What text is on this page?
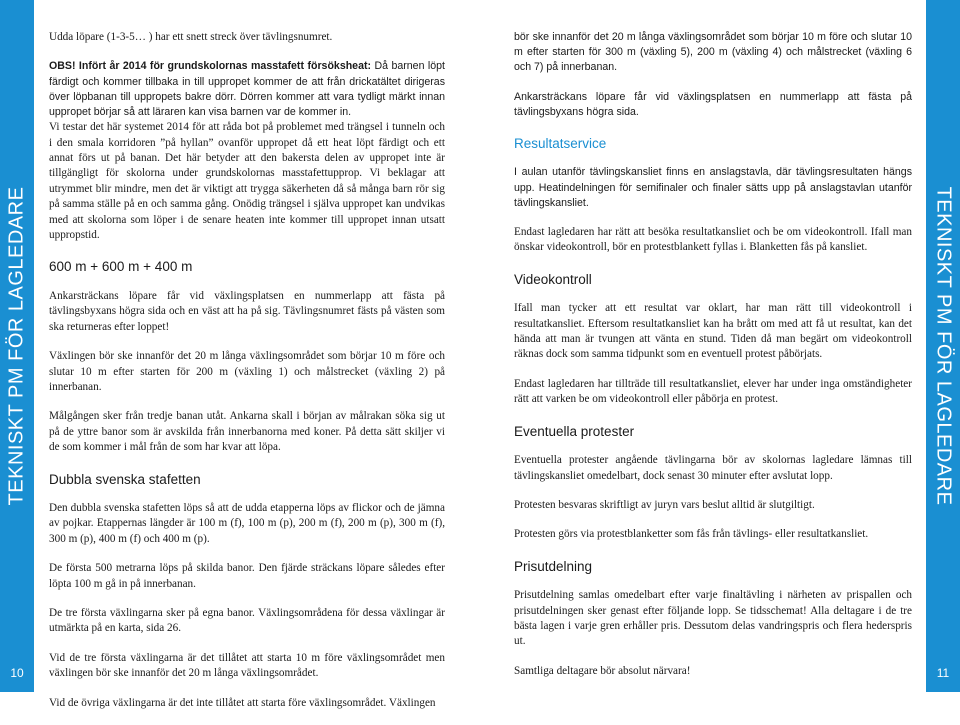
TEKNISKT PM FÖR LAGLEDARE
10
TEKNISKT PM FÖR LAGLEDARE
11

Udda löpare (1-3-5… ) har ett snett streck över tävlingsnumret.

OBS! Infört år 2014 för grundskolornas masstafett försöksheat: Då barnen löpt färdigt och kommer tillbaka in till uppropet kommer de att från drickatältet dirigeras över löpbanan till uppropets bakre dörr. Dörren kommer att vara tydligt märkt innan uppropet börjar så att läraren kan visa barnen var de kommer in.

Vi testar det här systemet 2014 för att råda bot på problemet med trängsel i tunneln och i den smala korridoren ”på hyllan” ovanför uppropet då ett heat löpt färdigt och ett annat förs ut på banan. Det här betyder att den bakersta delen av uppropet inte är tillgängligt för skolorna under grundskolornas masstafettupprop. Vi beklagar att utrymmet blir mindre, men det är viktigt att trygga säkerheten då så många barn rör sig på samma ställe på en och samma gång. Onödig trängsel i själva uppropet kan undvikas med att skolorna som löper i de senare heaten inte kommer till uppropet innan utsatt uppropstid.

600 m + 600 m + 400 m

Ankarsträckans löpare får vid växlingsplatsen en nummerlapp att fästa på tävlingsbyxans högra sida och en väst att ha på sig. Tävlingsnumret fästs på västen som ska returneras efter loppet!

Växlingen bör ske innanför det 20 m långa växlingsområdet som börjar 10 m före och slutar 10 m efter starten för 200 m (växling 1) och målstrecket (växling 2) på innerbanan.

Målgången sker från tredje banan utåt. Ankarna skall i början av målrakan söka sig ut på de yttre banor som är avskilda från innerbanorna med koner. På detta sätt skiljer vi de som kommer i mål från de som har kvar att löpa.

Dubbla svenska stafetten

Den dubbla svenska stafetten löps så att de udda etapperna löps av flickor och de jämna av pojkar. Etappernas längder är 100 m (f), 100 m (p), 200 m (f), 200 m (p), 300 m (f), 300 m (p), 400 m (f) och 400 m (p).

De första 500 metrarna löps på skilda banor. Den fjärde sträckans löpare således efter löpta 100 m gå in på innerbanan.

De tre första växlingarna sker på egna banor. Växlingsområdena för dessa växlingar är utmärkta på en karta, sida 26.

Vid de tre första växlingarna är det tillåtet att starta 10 m före växlingsområdet men växlingen bör ske innanför det 20 m långa växlingsområdet.

Vid de övriga växlingarna är det inte tillåtet att starta före växlingsområdet. Växlingen

bör ske innanför det 20 m långa växlingsområdet som börjar 10 m före och slutar 10 m efter starten för 300 m (växling 5), 200 m (växling 4) och målstrecket (växling 6 och 7) på innerbanan.

Ankarsträckans löpare får vid växlingsplatsen en nummerlapp att fästa på tävlingsbyxans högra sida.

Resultatservice

I aulan utanför tävlingskansliet finns en anslagstavla, där tävlingsresultaten hängs upp. Heatindelningen för semifinaler och finaler sätts upp på anslagstavlan utanför tävlingskansliet.

Endast lagledaren har rätt att besöka resultatkansliet och be om videokontroll. Ifall man önskar videokontroll, bör en protestblankett fyllas i. Blanketten fås på kansliet.

Videokontroll

Ifall man tycker att ett resultat var oklart, har man rätt till videokontroll i resultatkansliet. Eftersom resultatkansliet kan ha brått om med att få ut resultat, kan det hända att man är tvungen att vänta en stund. Tiden då man begärt om videokontroll räknas dock som samma tidpunkt som en eventuell protest påbörjats.

Endast lagledaren har tillträde till resultatkansliet, elever har under inga omständigheter rätt att varken be om videokontroll eller påbörja en protest.

Eventuella protester

Eventuella protester angående tävlingarna bör av skolornas lagledare lämnas till tävlingskansliet omedelbart, dock senast 30 minuter efter avslutat lopp.

Protesten besvaras skriftligt av juryn vars beslut alltid är slutgiltigt.

Protesten görs via protestblanketter som fås från tävlings- eller resultatkansliet.

Prisutdelning

Prisutdelning samlas omedelbart efter varje finaltävling i närheten av prispallen och prisutdelningen sker genast efter följande lopp. Se tidsschemat! Alla deltagare i de tre bästa lagen i varje gren erhåller pris. Dessutom delas vandringspris och flera hederspris ut.

Samtliga deltagare bör absolut närvara!
